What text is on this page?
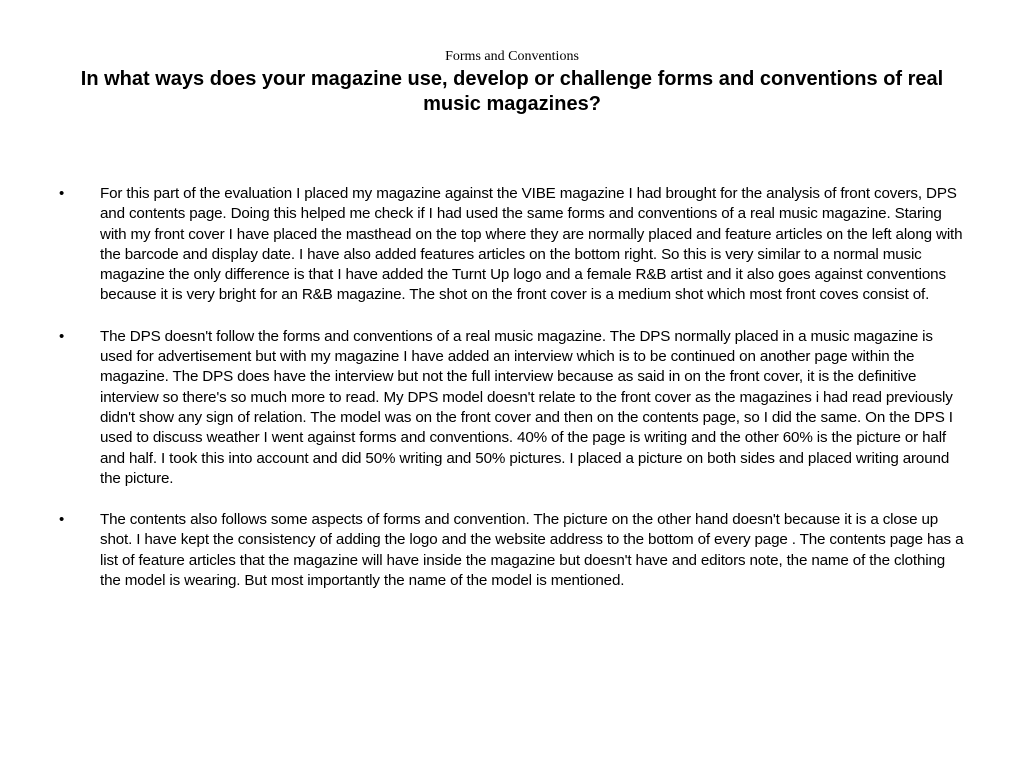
Forms and Conventions

In what ways does your magazine use, develop or challenge forms and conventions of real music magazines?
•	For this part of the evaluation I placed my magazine against the VIBE magazine I had brought for the analysis of front covers, DPS and contents page. Doing this helped me check if I had used the same forms and conventions of a real music magazine. Staring with my front cover I have placed the masthead on the top where they are normally placed and feature articles on the left along with the barcode and display date. I have also added features articles on the bottom right. So this is very similar to a normal music magazine the only difference is that I have added the Turnt Up logo and a female R&B artist and it also goes against conventions because it is very bright for an R&B magazine. The shot on the front cover is a medium shot which most front coves consist of.
•	The DPS doesn't follow the forms and conventions of a real music magazine. The DPS normally placed in a music magazine is used for advertisement but with my magazine I have added an interview which is to be continued on another page within the magazine. The DPS does have the interview but not the full interview because as said in on the front cover, it is the definitive interview so there's so much more to read. My DPS model doesn't relate to the front cover as the magazines i had read previously didn't show any sign of relation. The model was on the front cover and then on the contents page, so I did the same. On the DPS I used to discuss weather I went against forms and conventions. 40% of the page is writing and the other 60% is the picture or half and half. I took this into account and did 50% writing and 50% pictures. I placed a picture on both sides and placed writing around the picture.
•	The contents also follows some aspects of forms and convention. The picture on the other hand doesn't because it is a close up shot. I have kept the consistency of adding the logo and the website address to the bottom of every page . The contents page has a list of feature articles that the magazine will have inside the magazine but doesn't have and editors note, the name of the clothing the model is wearing. But most importantly the name of the model is mentioned.
